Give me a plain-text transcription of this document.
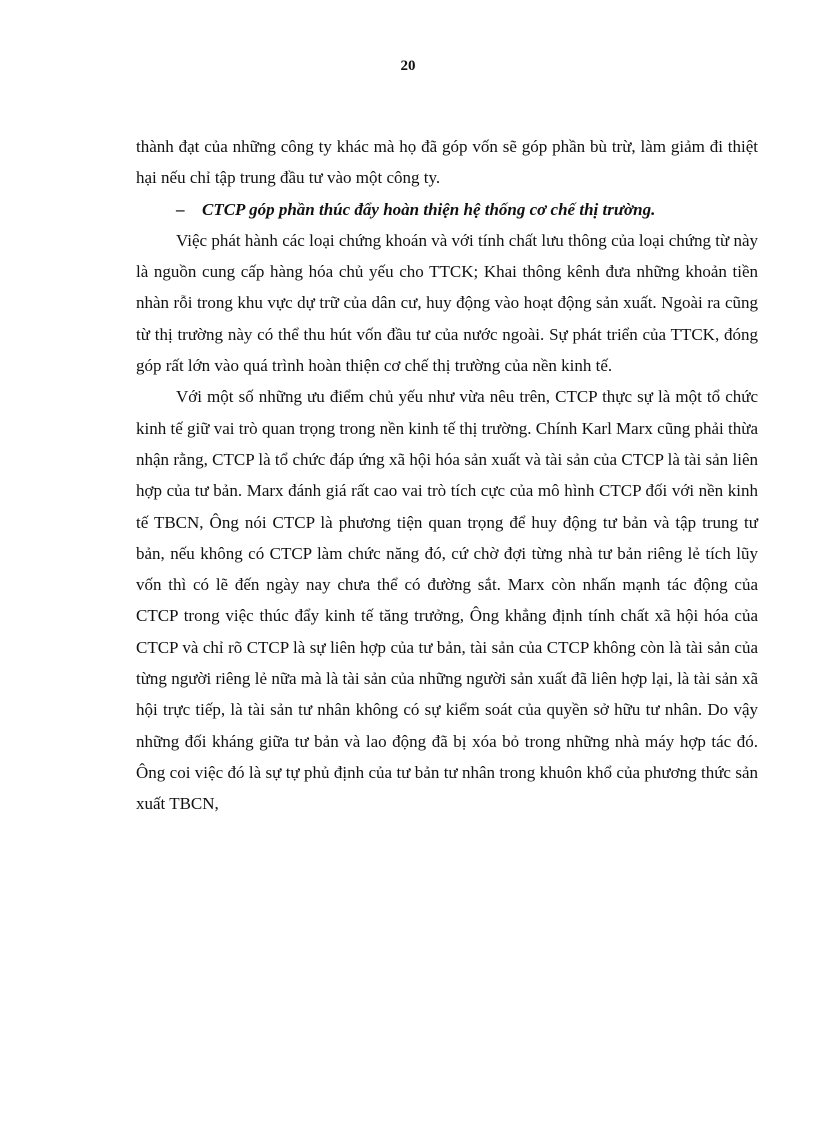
20

thành đạt của những công ty khác mà họ đã góp vốn sẽ góp phần bù trừ, làm giảm đi thiệt hại nếu chỉ tập trung đầu tư vào một công ty.

– CTCP góp phần thúc đẩy hoàn thiện hệ thống cơ chế thị trường.

Việc phát hành các loại chứng khoán và với tính chất lưu thông của loại chứng từ này là nguồn cung cấp hàng hóa chủ yếu cho TTCK; Khai thông kênh đưa những khoản tiền nhàn rỗi trong khu vực dự trữ của dân cư, huy động vào hoạt động sản xuất. Ngoài ra cũng từ thị trường này có thể thu hút vốn đầu tư của nước ngoài. Sự phát triển của TTCK, đóng góp rất lớn vào quá trình hoàn thiện cơ chế thị trường của nền kinh tế.

Với một số những ưu điểm chủ yếu như vừa nêu trên, CTCP thực sự là một tổ chức kinh tế giữ vai trò quan trọng trong nền kinh tế thị trường. Chính Karl Marx cũng phải thừa nhận rằng, CTCP là tổ chức đáp ứng xã hội hóa sản xuất và tài sản của CTCP là tài sản liên hợp của tư bản. Marx đánh giá rất cao vai trò tích cực của mô hình CTCP đối với nền kinh tế TBCN, Ông nói CTCP là phương tiện quan trọng để huy động tư bản và tập trung tư bản, nếu không có CTCP làm chức năng đó, cứ chờ đợi từng nhà tư bản riêng lẻ tích lũy vốn thì có lẽ đến ngày nay chưa thể có đường sắt. Marx còn nhấn mạnh tác động của CTCP trong việc thúc đẩy kinh tế tăng trưởng, Ông khẳng định tính chất xã hội hóa của CTCP và chỉ rõ CTCP là sự liên hợp của tư bản, tài sản của CTCP không còn là tài sản của từng người riêng lẻ nữa mà là tài sản của những người sản xuất đã liên hợp lại, là tài sản xã hội trực tiếp, là tài sản tư nhân không có sự kiểm soát của quyền sở hữu tư nhân. Do vậy những đối kháng giữa tư bản và lao động đã bị xóa bỏ trong những nhà máy hợp tác đó. Ông coi việc đó là sự tự phủ định của tư bản tư nhân trong khuôn khổ của phương thức sản xuất TBCN,
